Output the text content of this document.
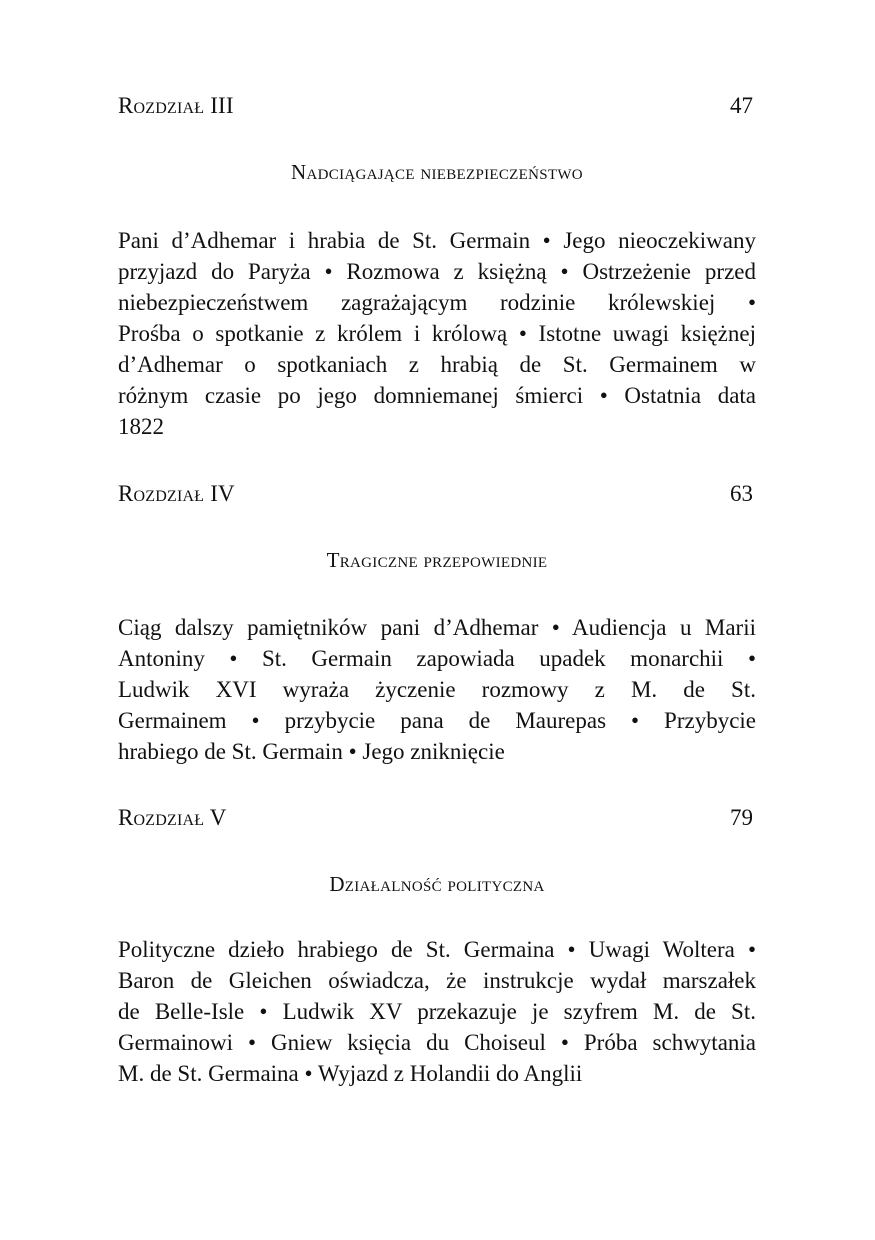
Rozdział III	47
Nadciągające niebezpieczeństwo
Pani d’Adhemar i hrabia de St. Germain • Jego nieoczekiwany
przyjazd do Paryża • Rozmowa z księżną • Ostrzeżenie przed
niebezpieczeństwem zagrażającym rodzinie królewskiej •
Prośba o spotkanie z królem i królową • Istotne uwagi księżnej
d’Adhemar o spotkaniach z hrabią de St. Germainem w
różnym czasie po jego domniemanej śmierci • Ostatnia data
1822
Rozdział IV	63
Tragiczne przepowiednie
Ciąg dalszy pamiętników pani d’Adhemar • Audiencja u Marii
Antoniny • St. Germain zapowiada upadek monarchii •
Ludwik XVI wyraża życzenie rozmowy z M. de St.
Germainem • przybycie pana de Maurepas • Przybycie
hrabiego de St. Germain • Jego zniknięcie
Rozdział V	79
Działalność polityczna
Polityczne dzieło hrabiego de St. Germaina • Uwagi Woltera •
Baron de Gleichen oświadcza, że instrukcje wydał marszałek
de Belle-Isle • Ludwik XV przekazuje je szyfrem M. de St.
Germainowi • Gniew księcia du Choiseul • Próba schwytania
M. de St. Germaina • Wyjazd z Holandii do Anglii
